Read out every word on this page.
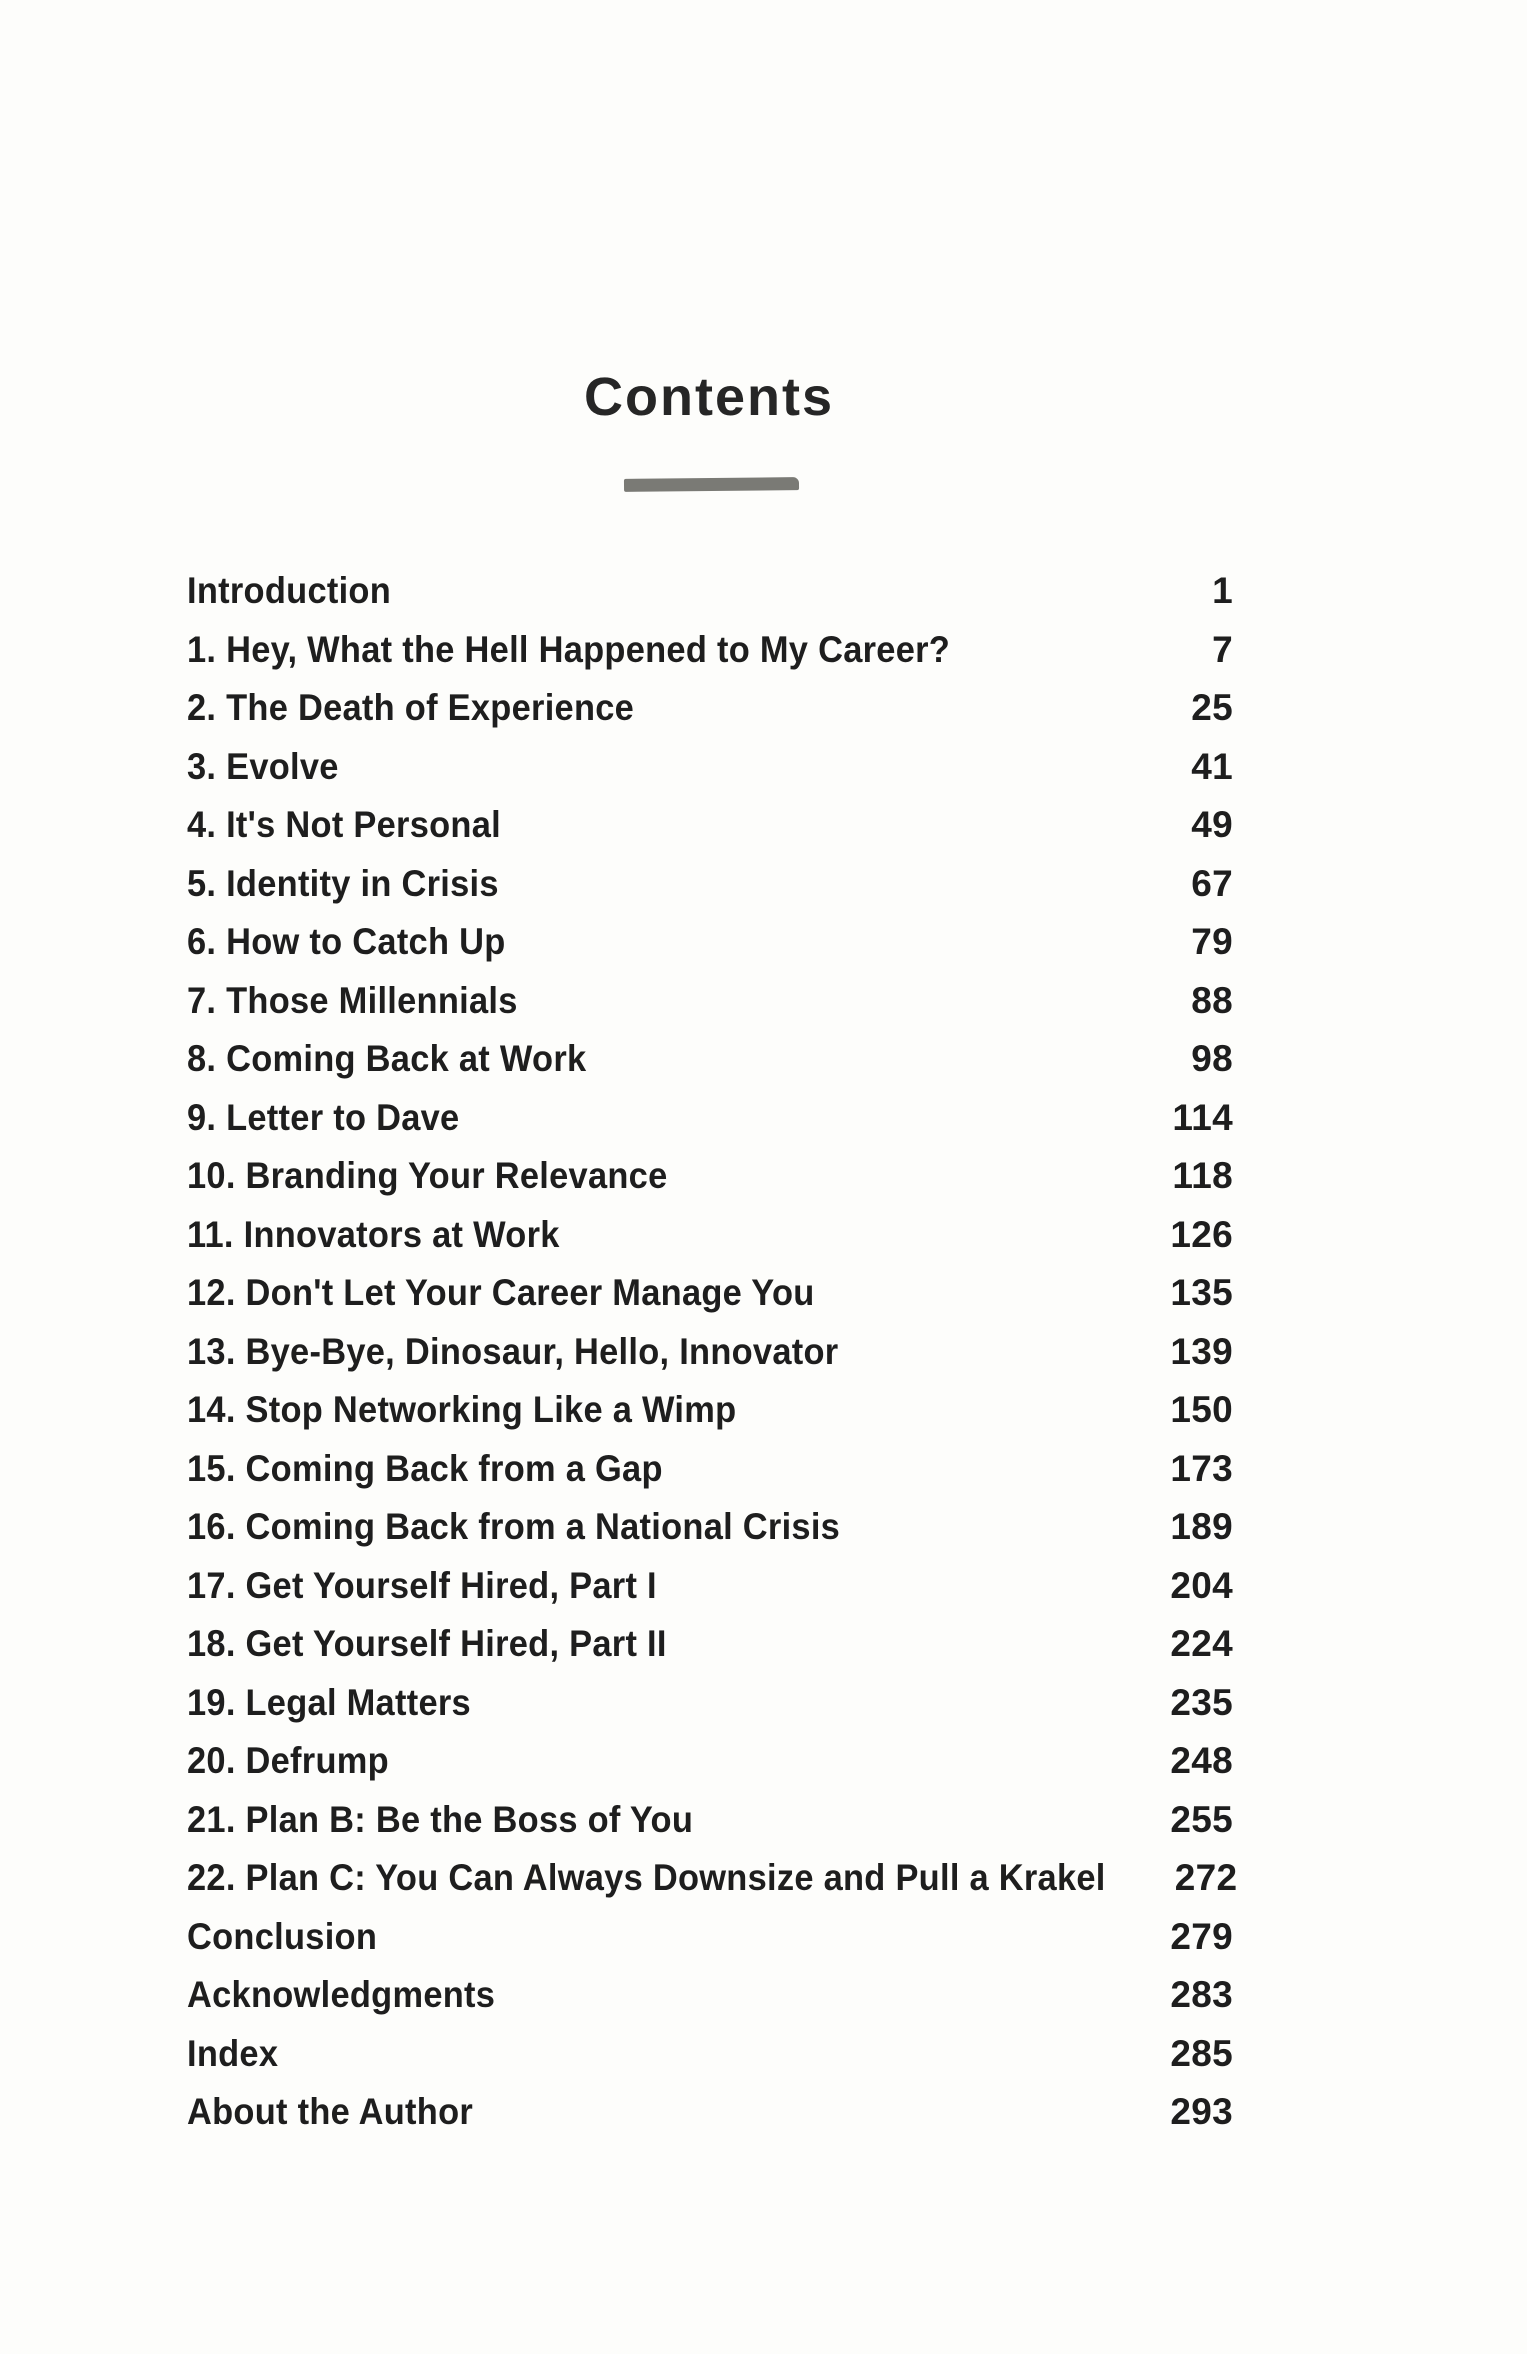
Contents
Introduction	1
1. Hey, What the Hell Happened to My Career?	7
2. The Death of Experience	25
3. Evolve	41
4. It's Not Personal	49
5. Identity in Crisis	67
6. How to Catch Up	79
7. Those Millennials	88
8. Coming Back at Work	98
9. Letter to Dave	114
10. Branding Your Relevance	118
11. Innovators at Work	126
12. Don't Let Your Career Manage You	135
13. Bye-Bye, Dinosaur, Hello, Innovator	139
14. Stop Networking Like a Wimp	150
15. Coming Back from a Gap	173
16. Coming Back from a National Crisis	189
17. Get Yourself Hired, Part I	204
18. Get Yourself Hired, Part II	224
19. Legal Matters	235
20. Defrump	248
21. Plan B: Be the Boss of You	255
22. Plan C: You Can Always Downsize and Pull a Krakel 272
Conclusion	279
Acknowledgments	283
Index	285
About the Author	293
